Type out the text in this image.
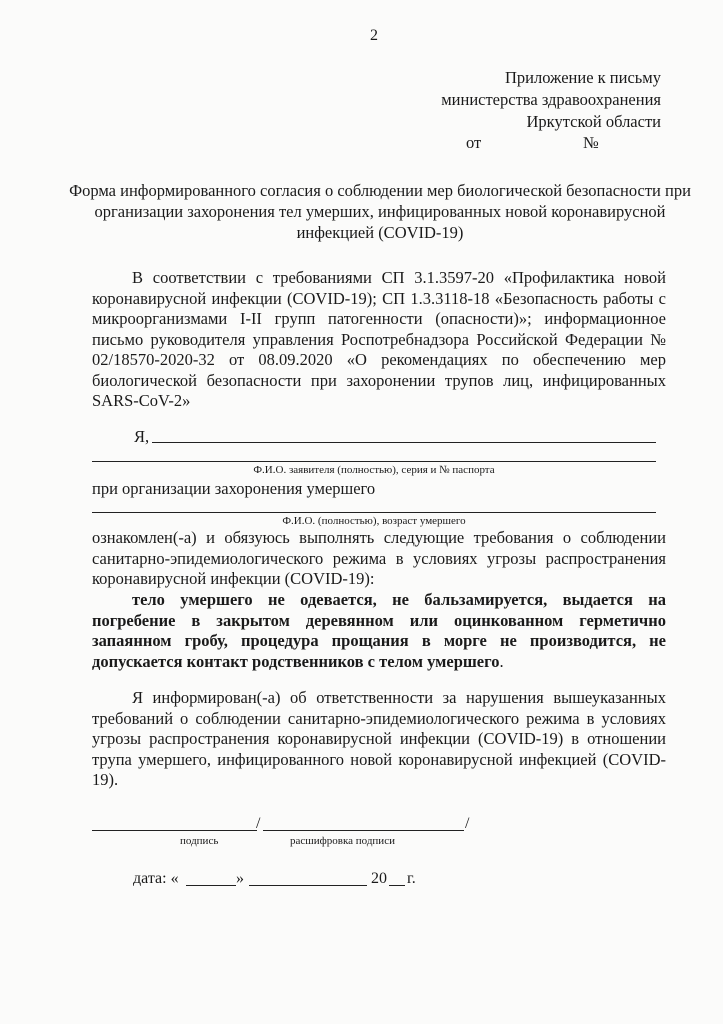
2
Приложение к письму
министерства здравоохранения
Иркутской области
от	№
Форма информированного согласия о соблюдении мер биологической безопасности при организации захоронения тел умерших, инфицированных новой коронавирусной инфекцией (COVID-19)
В соответствии с требованиями СП 3.1.3597-20 «Профилактика новой коронавирусной инфекции (COVID-19); СП 1.3.3118-18 «Безопасность работы с микроорганизмами I-II групп патогенности (опасности)»; информационное письмо руководителя управления Роспотребнадзора Российской Федерации № 02/18570-2020-32 от 08.09.2020 «О рекомендациях по обеспечению мер биологической безопасности при захоронении трупов лиц, инфицированных SARS-CoV-2»
Я,
Ф.И.О. заявителя (полностью), серия и № паспорта
при организации захоронения умершего
Ф.И.О. (полностью), возраст умершего
ознакомлен(-а) и обязуюсь выполнять следующие требования о соблюдении санитарно-эпидемиологического режима в условиях угрозы распространения коронавирусной инфекции (COVID-19):
тело умершего не одевается, не бальзамируется, выдается на погребение в закрытом деревянном или оцинкованном герметично запаянном гробу, процедура прощания в морге не производится, не допускается контакт родственников с телом умершего.
Я информирован(-а) об ответственности за нарушения вышеуказанных требований о соблюдении санитарно-эпидемиологического режима в условиях угрозы распространения коронавирусной инфекции (COVID-19) в отношении трупа умершего, инфицированного новой коронавирусной инфекцией (COVID-19).
/	/
подпись	расшифровка подписи
дата: «	»	20 г.
